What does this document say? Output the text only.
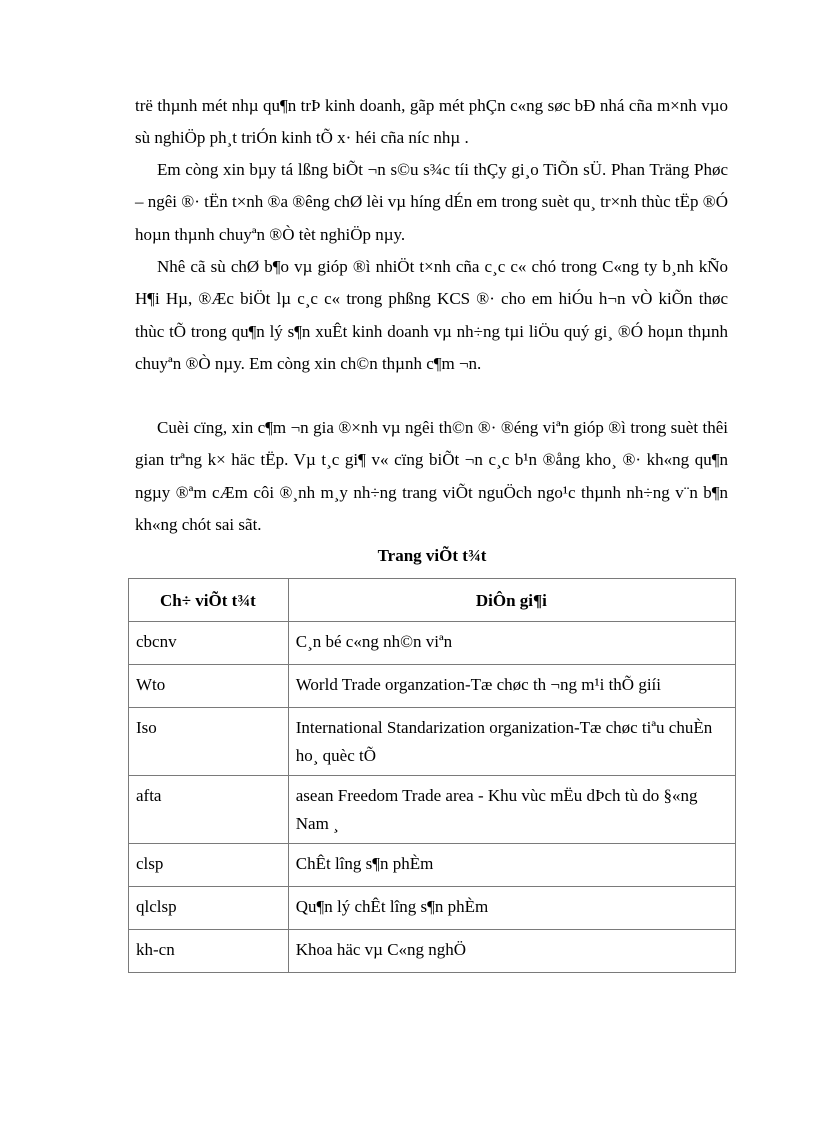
trë thµnh mét nhµ qu¶n trÞ kinh doanh, gãp mét phÇn c«ng søc bÐ nhá cña m×nh vµo sù nghiÖp ph¸t triÓn kinh tÕ x· héi cña níc nhµ .

Em còng xin bµy tá lßng biÕt ¬n s©u s¾c tíi thÇy gi¸o TiÕn sÜ. Phan Träng Phøc – ngêi ®· tËn t×nh ®a ®êng chØ lèi vµ híng dÉn em trong suèt qu¸ tr×nh thùc tËp ®Ó hoµn thµnh chuyªn ®Ò tèt nghiÖp nµy.

Nhê cã sù chØ b¶o vµ gióp ®ì nhiÖt t×nh cña c¸c c« chó trong C«ng ty b¸nh kÑo H¶i Hµ, ®Æc biÖt lµ c¸c c« trong phßng KCS ®· cho em hiÓu h¬n vÒ kiÕn thøc thùc tÕ trong qu¶n lý s¶n xuÊt kinh doanh vµ nh÷ng tµi liÖu quý gi¸ ®Ó hoµn thµnh chuyªn ®Ò nµy. Em còng xin ch©n thµnh c¶m ¬n.

Cuèi cïng, xin c¶m ¬n gia ®×nh vµ ngêi th©n ®· ®éng viªn gióp ®ì trong suèt thêi gian trªng k× häc tËp. Vµ t¸c gi¶ v« cïng biÕt ¬n c¸c b¹n ®ång kho¸ ®· kh«ng qu¶n ngµy ®ªm cÆm côi ®¸nh m¸y nh÷ng trang viÕt nguÖch ngo¹c thµnh nh÷ng v¨n b¶n kh«ng chót sai sãt.

Trang viÕt t¾t

Ch÷ viÕt t¾t	DiÔn gi¶i
cbcnv	C¸n bé c«ng nh©n viªn
Wto	World Trade organzation-Tæ chøc th ¬ng m¹i thÕ giíi
Iso	International Standarization organization-Tæ chøc tiªu chuÈn ho¸ quèc tÕ
afta	asean Freedom Trade area - Khu vùc mËu dÞch tù do §«ng Nam ¸
clsp	ChÊt lîng s¶n phÈm
qlclsp	Qu¶n lý chÊt lîng s¶n phÈm
kh-cn	Khoa häc vµ C«ng nghÖ
